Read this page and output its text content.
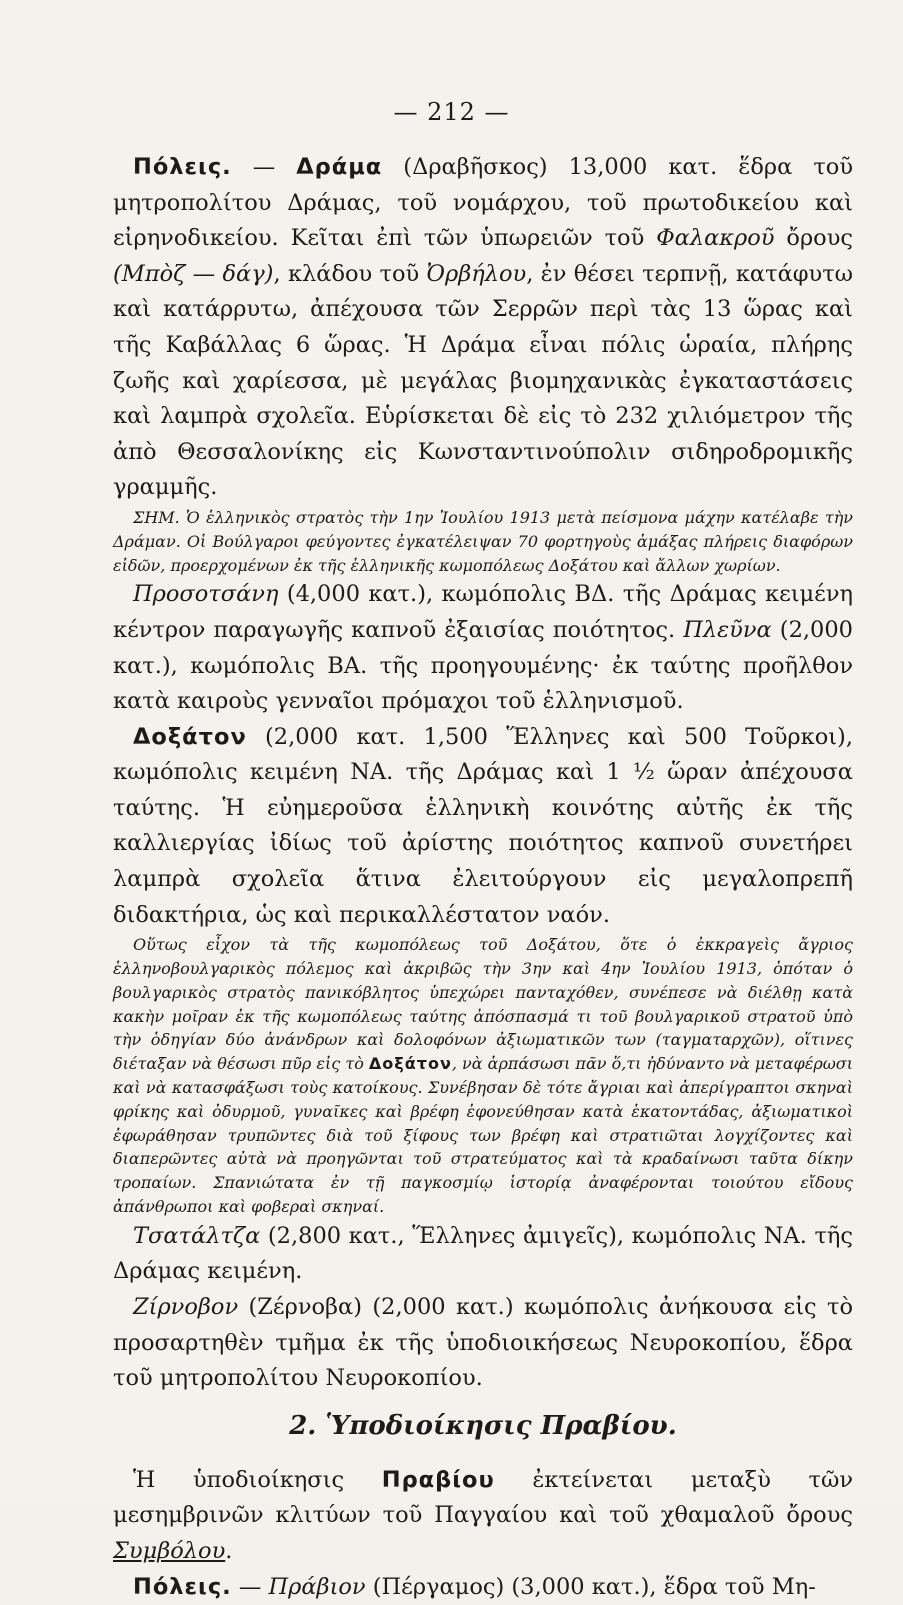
— 212 —

Πόλεις. — Δράμα (Δραβῆσκος) 13,000 κατ. ἕδρα τοῦ μητροπολίτου Δράμας, τοῦ νομάρχου, τοῦ πρωτοδικείου καὶ εἰρηνοδικείου. Κεῖται ἐπὶ τῶν ὑπωρειῶν τοῦ Φαλακροῦ ὄρους (Μπὸζ — δάγ), κλάδου τοῦ Ὀρβήλου, ἐν θέσει τερπνῇ, κατάφυτω καὶ κατάρρυτω, ἀπέχουσα τῶν Σερρῶν περὶ τὰς 13 ὥρας καὶ τῆς Καβάλλας 6 ὥρας. Ἡ Δράμα εἶναι πόλις ὡραία, πλήρης ζωῆς καὶ χαρίεσσα, μὲ μεγάλας βιομηχανικὰς ἐγκαταστάσεις καὶ λαμπρὰ σχολεῖα. Εὑρίσκεται δὲ εἰς τὸ 232 χιλιόμετρον τῆς ἀπὸ Θεσσαλονίκης εἰς Κωνσταντινούπολιν σιδηροδρομικῆς γραμμῆς.

ΣΗΜ. Ὁ ἑλληνικὸς στρατὸς τὴν 1ην Ἰουλίου 1913 μετὰ πείσμονα μάχην κατέλαβε τὴν Δράμαν. Οἱ Βούλγαροι φεύγοντες ἐγκατέλειψαν 70 φορτηγοὺς ἁμάξας πλήρεις διαφόρων εἰδῶν, προερχομένων ἐκ τῆς ἑλληνικῆς κωμοπόλεως Δοξάτου καὶ ἄλλων χωρίων.

Προσοτσάνη (4,000 κατ.), κωμόπολις ΒΔ. τῆς Δράμας κειμένη κέντρον παραγωγῆς καπνοῦ ἐξαισίας ποιότητος. Πλεῦνα (2,000 κατ.), κωμόπολις ΒΑ. τῆς προηγουμένης· ἐκ ταύτης προῆλθον κατὰ καιροὺς γενναῖοι πρόμαχοι τοῦ ἑλληνισμοῦ.

Δοξάτον (2,000 κατ. 1,500 Ἕλληνες καὶ 500 Τοῦρκοι), κωμόπολις κειμένη ΝΑ. τῆς Δράμας καὶ 1 ½ ὥραν ἀπέχουσα ταύτης. Ἡ εὐημεροῦσα ἑλληνικὴ κοινότης αὐτῆς ἐκ τῆς καλλιεργίας ἰδίως τοῦ ἀρίστης ποιότητος καπνοῦ συνετήρει λαμπρὰ σχολεῖα ἅτινα ἐλειτούργουν εἰς μεγαλοπρεπῆ διδακτήρια, ὡς καὶ περικαλλέστατον ναόν.

Οὕτως εἶχον τὰ τῆς κωμοπόλεως τοῦ Δοξάτου, ὅτε ὁ ἐκκραγεὶς ἄγριος ἑλληνοβουλγαρικὸς πόλεμος καὶ ἀκριβῶς τὴν 3ην καὶ 4ην Ἰουλίου 1913, ὁπόταν ὁ βουλγαρικὸς στρατὸς πανικόβλητος ὑπεχώρει πανταχόθεν, συνέπεσε νὰ διέλθῃ κατὰ κακὴν μοῖραν ἐκ τῆς κωμοπόλεως ταύτης ἀπόσπασμά τι τοῦ βουλγαρικοῦ στρατοῦ ὑπὸ τὴν ὁδηγίαν δύο ἀνάνδρων καὶ δολοφόνων ἀξιωματικῶν των (ταγματαρχῶν), οἵτινες διέταξαν νὰ θέσωσι πῦρ εἰς τὸ Δοξάτον, νὰ ἁρπάσωσι πᾶν ὅ,τι ἠδύναντο νὰ μεταφέρωσι καὶ νὰ κατασφάξωσι τοὺς κατοίκους. Συνέβησαν δὲ τότε ἄγριαι καὶ ἀπερίγραπτοι σκηναὶ φρίκης καὶ ὀδυρμοῦ, γυναῖκες καὶ βρέφη ἐφονεύθησαν κατὰ ἑκατοντάδας, ἀξιωματικοὶ ἐφωράθησαν τρυπῶντες διὰ τοῦ ξίφους των βρέφη καὶ στρατιῶται λογχίζοντες καὶ διαπερῶντες αὐτὰ νὰ προηγῶνται τοῦ στρατεύματος καὶ τὰ κραδαίνωσι ταῦτα δίκην τροπαίων. Σπανιώτατα ἐν τῇ παγκοσμίῳ ἱστορίᾳ ἀναφέρονται τοιούτου εἴδους ἀπάνθρωποι καὶ φοβεραὶ σκηναί.

Τσατάλτζα (2,800 κατ., Ἕλληνες ἀμιγεῖς), κωμόπολις ΝΑ. τῆς Δράμας κειμένη.

Ζίρνοβον (Ζέρνοβα) (2,000 κατ.) κωμόπολις ἀνήκουσα εἰς τὸ προσαρτηθὲν τμῆμα ἐκ τῆς ὑποδιοικήσεως Νευροκοπίου, ἕδρα τοῦ μητροπολίτου Νευροκοπίου.

2. Ὑποδιοίκησις Πραβίου.

Ἡ ὑποδιοίκησις Πραβίου ἐκτείνεται μεταξὺ τῶν μεσημβρινῶν κλιτύων τοῦ Παγγαίου καὶ τοῦ χθαμαλοῦ ὄρους Συμβόλου.

Πόλεις. — Πράβιον (Πέργαμος) (3,000 κατ.), ἕδρα τοῦ Μη-
